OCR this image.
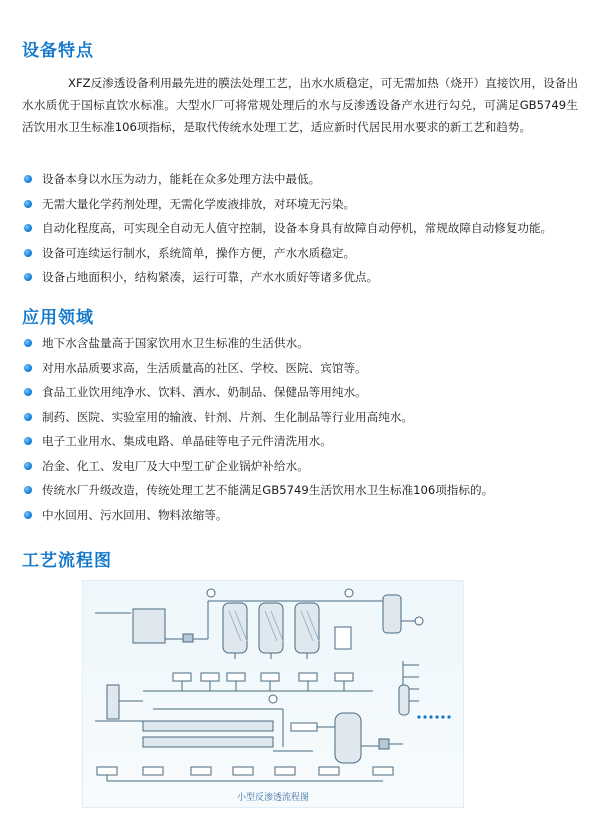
设备特点

XFZ反渗透设备利用最先进的膜法处理工艺，出水水质稳定，可无需加热（烧开）直接饮用，设备出水水质优于国标直饮水标准。大型水厂可将常规处理后的水与反渗透设备产水进行勾兑，可满足GB5749生活饮用水卫生标准106项指标，是取代传统水处理工艺，适应新时代居民用水要求的新工艺和趋势。

设备本身以水压为动力，能耗在众多处理方法中最低。
无需大量化学药剂处理，无需化学废液排放，对环境无污染。
自动化程度高，可实现全自动无人值守控制，设备本身具有故障自动停机，常规故障自动修复功能。
设备可连续运行制水，系统简单，操作方便，产水水质稳定。
设备占地面积小，结构紧凑，运行可靠，产水水质好等诸多优点。
应用领域
地下水含盐量高于国家饮用水卫生标准的生活供水。
对用水品质要求高，生活质量高的社区、学校、医院、宾馆等。
食品工业饮用纯净水、饮料、酒水、奶制品、保健品等用纯水。
制药、医院、实验室用的输液、针剂、片剂、生化制品等行业用高纯水。
电子工业用水、集成电路、单晶硅等电子元件清洗用水。
冶金、化工、发电厂及大中型工矿企业锅炉补给水。
传统水厂升级改造，传统处理工艺不能满足GB5749生活饮用水卫生标准106项指标的。
中水回用、污水回用、物料浓缩等。
工艺流程图
小型反渗透流程图
